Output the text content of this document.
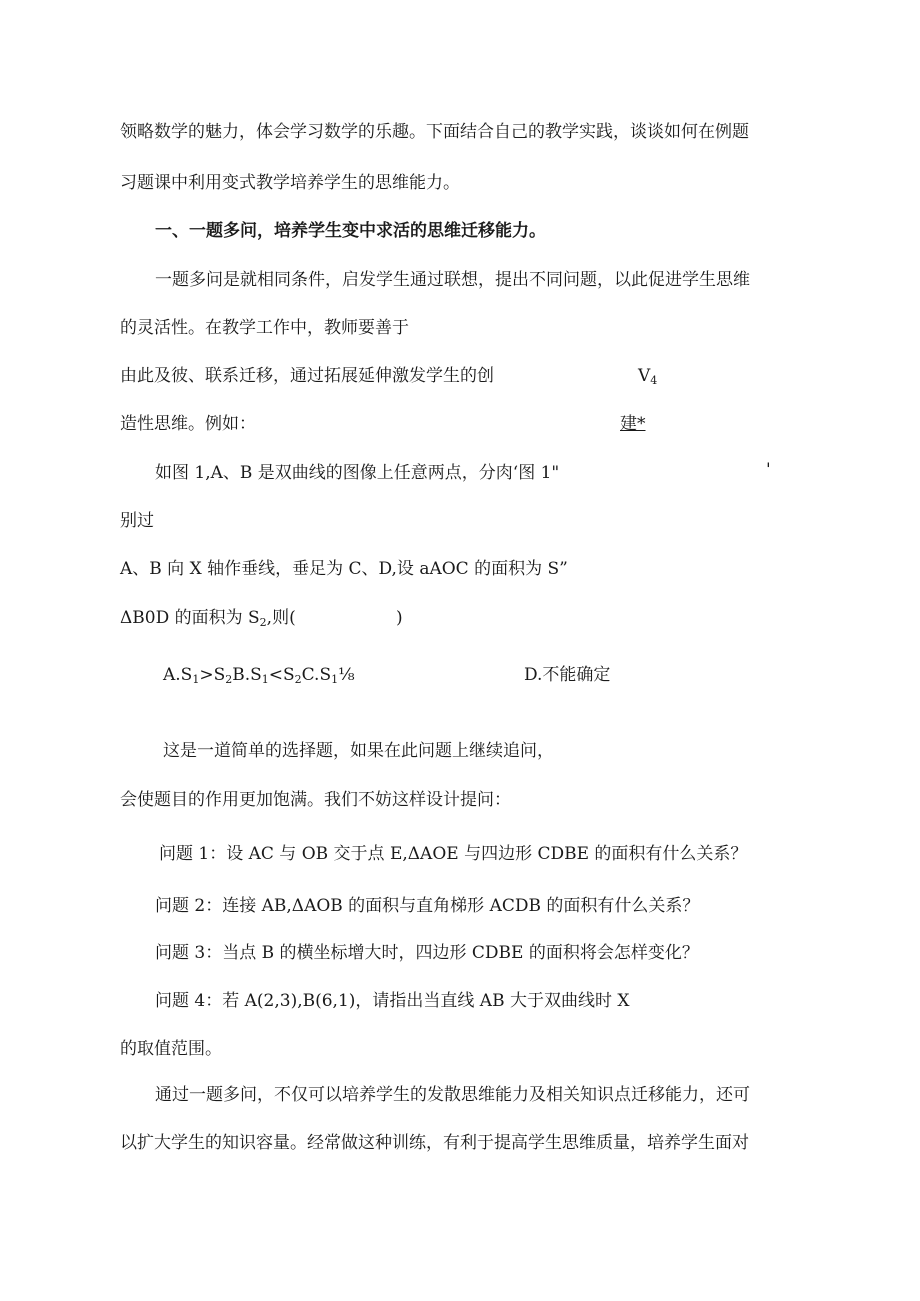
领略数学的魅力，体会学习数学的乐趣。下面结合自己的教学实践，谈谈如何在例题
习题课中利用变式教学培养学生的思维能力。
一、一题多问，培养学生变中求活的思维迁移能力。
一题多问是就相同条件，启发学生通过联想，提出不同问题，以此促进学生思维
的灵活性。在教学工作中，教师要善于
由此及彼、联系迁移，通过拓展延伸激发学生的创
造性思维。例如：
$V_4$
建*
如图 1,A、B 是双曲线的图像上任意两点，分肉‘图 1"	'
别过
A、B 向 X 轴作垂线，垂足为 C、D,设 aAOC 的面积为 S”
ΔB0D 的面积为 $S_2$,则(	)
$A.S_1>S_2B.S_1<S_2C.S_1\frac{1}{8}$	D.不能确定
这是一道简单的选择题，如果在此问题上继续追问，
会使题目的作用更加饱满。我们不妨这样设计提问：
问题 1：设 AC 与 OB 交于点 E,ΔAOE 与四边形 CDBE 的面积有什么关系？
问题 2：连接 AB,ΔAOB 的面积与直角梯形 ACDB 的面积有什么关系？
问题 3：当点 B 的横坐标增大时，四边形 CDBE 的面积将会怎样变化？
问题 4：若 A(2,3),B(6,1)，请指出当直线 AB 大于双曲线时 X
的取值范围。
通过一题多问，不仅可以培养学生的发散思维能力及相关知识点迁移能力，还可
以扩大学生的知识容量。经常做这种训练，有利于提高学生思维质量，培养学生面对
